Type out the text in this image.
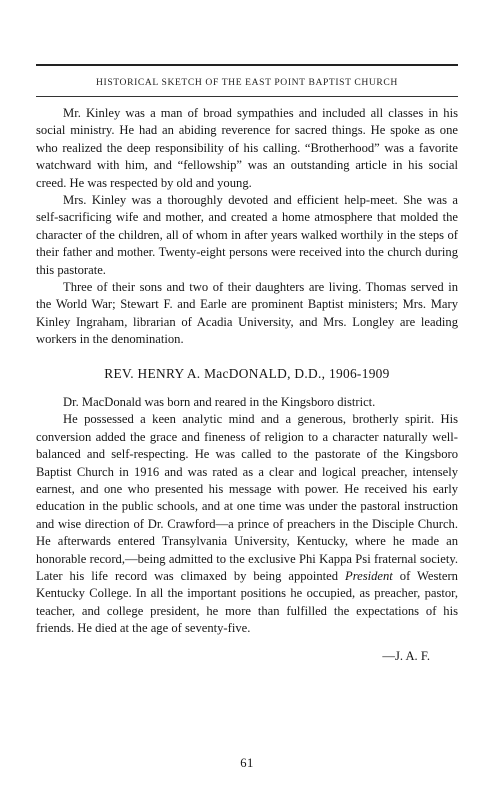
HISTORICAL SKETCH OF THE EAST POINT BAPTIST CHURCH

Mr. Kinley was a man of broad sympathies and included all classes in his social ministry. He had an abiding reverence for sacred things. He spoke as one who realized the deep responsibility of his calling. “Brotherhood” was a favorite watchward with him, and “fellowship” was an outstanding article in his social creed. He was respected by old and young.

Mrs. Kinley was a thoroughly devoted and efficient help-meet. She was a self-sacrificing wife and mother, and created a home atmosphere that molded the character of the children, all of whom in after years walked worthily in the steps of their father and mother. Twenty-eight persons were received into the church during this pastorate.

Three of their sons and two of their daughters are living. Thomas served in the World War; Stewart F. and Earle are prominent Baptist ministers; Mrs. Mary Kinley Ingraham, librarian of Acadia University, and Mrs. Longley are leading workers in the denomination.

REV. HENRY A. MacDONALD, D.D., 1906-1909

Dr. MacDonald was born and reared in the Kingsboro district.

He possessed a keen analytic mind and a generous, brotherly spirit. His conversion added the grace and fineness of religion to a character naturally well-balanced and self-respecting. He was called to the pastorate of the Kingsboro Baptist Church in 1916 and was rated as a clear and logical preacher, intensely earnest, and one who presented his message with power. He received his early education in the public schools, and at one time was under the pastoral instruction and wise direction of Dr. Crawford—a prince of preachers in the Disciple Church. He afterwards entered Transylvania University, Kentucky, where he made an honorable record,—being admitted to the exclusive Phi Kappa Psi fraternal society. Later his life record was climaxed by being appointed President of Western Kentucky College. In all the important positions he occupied, as preacher, pastor, teacher, and college president, he more than fulfilled the expectations of his friends. He died at the age of seventy-five.

—J. A. F.
61
